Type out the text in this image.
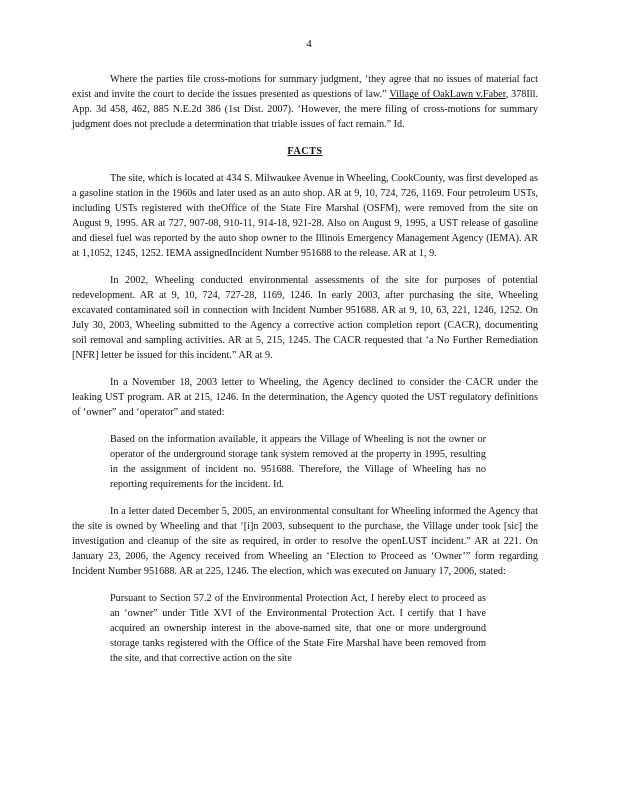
4

Where the parties file cross-motions for summary judgment, ‘they agree that no issues of material fact exist and invite the court to decide the issues presented as questions of law.” Village of OakLawn v.Faber, 378Ill. App. 3d 458, 462, 885 N.E.2d 386 (1st Dist. 2007). ‘However, the mere filing of cross-motions for summary judgment does not preclude a determination that triable issues of fact remain.” Id.

FACTS

The site, which is located at 434 S. Milwaukee Avenue in Wheeling, CookCounty, was first developed as a gasoline station in the 1960s and later used as an auto shop. AR at 9, 10, 724, 726, 1169. Four petroleum USTs, including USTs registered with theOffice of the State Fire Marshal (OSFM), were removed from the site on August 9, 1995. AR at 727, 907-08, 910-11, 914-18, 921-28. Also on August 9, 1995, a UST release of gasoline and diesel fuel was reported by the auto shop owner to the Illinois Emergency Management Agency (IEMA). AR at 1,1052, 1245, 1252. IEMA assignedIncident Number 951688 to the release. AR at 1, 9.

In 2002, Wheeling conducted environmental assessments of the site for purposes of potential redevelopment. AR at 9, 10, 724, 727-28, 1169, 1246. In early 2003, after purchasing the site, Wheeling excavated contaminated soil in connection with Incident Number 951688. AR at 9, 10, 63, 221, 1246, 1252. On July 30, 2003, Wheeling submitted to the Agency a corrective action completion report (CACR), documenting soil removal and sampling activities. AR at 5, 215, 1245. The CACR requested that ‘a No Further Remediation [NFR] letter be issued for this incident.” AR at 9.

In a November 18, 2003 letter to Wheeling, the Agency declined to consider the CACR under the leaking UST program. AR at 215, 1246. In the determination, the Agency quoted the UST regulatory definitions of ‘owner” and ‘operator” and stated:

Based on the information available, it appears the Village of Wheeling is not the owner or operator of the underground storage tank system removed at the property in 1995, resulting in the assignment of incident no. 951688. Therefore, the Village of Wheeling has no reporting requirements for the incident. Id.

In a letter dated December 5, 2005, an environmental consultant for Wheeling informed the Agency that the site is owned by Wheeling and that ‘[i]n 2003, subsequent to the purchase, the Village under took [sic] the investigation and cleanup of the site as required, in order to resolve the openLUST incident.” AR at 221. On January 23, 2006, the Agency received from Wheeling an ‘Election to Proceed as ‘Owner’” form regarding Incident Number 951688. AR at 225, 1246. The election, which was executed on January 17, 2006, stated:

Pursuant to Section 57.2 of the Environmental Protection Act, I hereby elect to proceed as an ‘owner” under Title XVI of the Environmental Protection Act. I certify that I have acquired an ownership interest in the above-named site, that one or more underground storage tanks registered with the Office of the State Fire Marshal have been removed from the site, and that corrective action on the site
